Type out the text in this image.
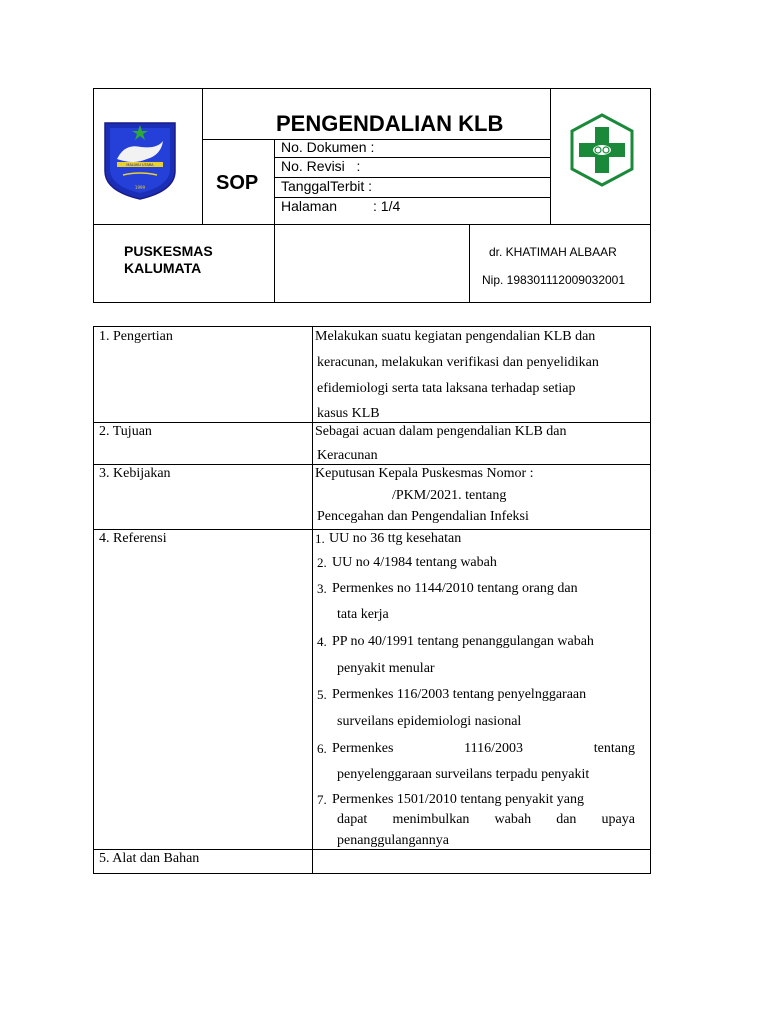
MALUKU UTARA
1999
PENGENDALIAN KLB
SOP
No. Dokumen :
No. Revisi   :
TanggalTerbit :
Halaman	: 1/4
PUSKESMAS
KALUMATA
dr. KHATIMAH ALBAAR
Nip. 198301112009032001
1. Pengertian	Melakukan suatu kegiatan pengendalian KLB dan
keracunan, melakukan verifikasi dan penyelidikan
efidemiologi serta tata laksana terhadap setiap
kasus KLB
2. Tujuan	Sebagai acuan dalam pengendalian KLB dan
Keracunan
3. Kebijakan	Keputusan Kepala Puskesmas Nomor :
/PKM/2021. tentang
Pencegahan dan Pengendalian Infeksi
4. Referensi	1. UU no 36 ttg kesehatan
2. UU no 4/1984 tentang wabah
3. Permenkes no 1144/2010 tentang orang dan
tata kerja
4. PP no 40/1991 tentang penanggulangan wabah
penyakit menular
5. Permenkes 116/2003 tentang penyelnggaraan
surveilans epidemiologi nasional
6. Permenkes	1116/2003	tentang
penyelenggaraan surveilans terpadu penyakit
7. Permenkes 1501/2010 tentang penyakit yang
dapat menimbulkan wabah dan upaya
penanggulangannya
5. Alat dan Bahan
